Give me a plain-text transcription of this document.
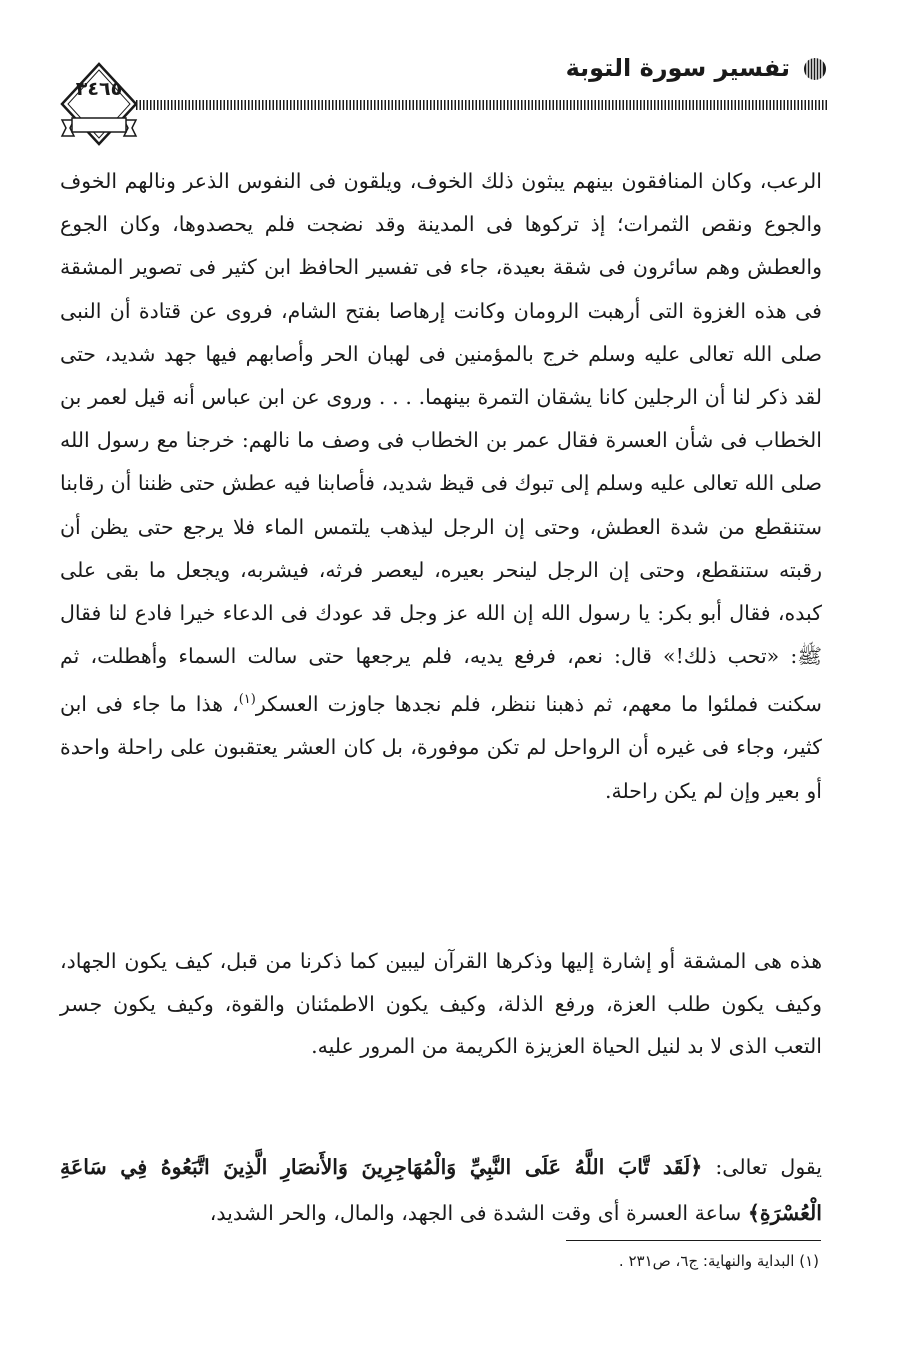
تفسير سورة التوبة
٣٤٦٥

الرعب، وكان المنافقون بينهم يبثون ذلك الخوف، ويلقون فى النفوس الذعر ونالهم الخوف والجوع ونقص الثمرات؛ إذ تركوها فى المدينة وقد نضجت فلم يحصدوها، وكان الجوع والعطش وهم سائرون فى شقة بعيدة، جاء فى تفسير الحافظ ابن كثير فى تصوير المشقة فى هذه الغزوة التى أرهبت الرومان وكانت إرهاصا بفتح الشام، فروى عن قتادة أن النبى صلى الله تعالى عليه وسلم خرج بالمؤمنين فى لهبان الحر وأصابهم فيها جهد شديد، حتى لقد ذكر لنا أن الرجلين كانا يشقان التمرة بينهما. . . . وروى عن ابن عباس أنه قيل لعمر بن الخطاب فى شأن العسرة فقال عمر بن الخطاب فى وصف ما نالهم: خرجنا مع رسول الله صلى الله تعالى عليه وسلم إلى تبوك فى قيظ شديد، فأصابنا فيه عطش حتى ظننا أن رقابنا ستنقطع من شدة العطش، وحتى إن الرجل ليذهب يلتمس الماء فلا يرجع حتى يظن أن رقبته ستنقطع، وحتى إن الرجل لينحر بعيره، ليعصر فرثه، فيشربه، ويجعل ما بقى على كبده، فقال أبو بكر: يا رسول الله إن الله عز وجل قد عودك فى الدعاء خيرا فادع لنا فقال ﷺ: «تحب ذلك!» قال: نعم، فرفع يديه، فلم يرجعها حتى سالت السماء وأهطلت، ثم سكنت فملئوا ما معهم، ثم ذهبنا ننظر، فلم نجدها جاوزت العسكر$^{(١)}$، هذا ما جاء فى ابن كثير، وجاء فى غيره أن الرواحل لم تكن موفورة، بل كان العشر يعتقبون على راحلة واحدة أو بعير وإن لم يكن راحلة.

هذه هى المشقة أو إشارة إليها وذكرها القرآن ليبين كما ذكرنا من قبل، كيف يكون الجهاد، وكيف يكون طلب العزة، ورفع الذلة، وكيف يكون الاطمئنان والقوة، وكيف يكون جسر التعب الذى لا بد لنيل الحياة العزيزة الكريمة من المرور عليه.

يقول تعالى: ﴿لَقَد تَّابَ اللَّهُ عَلَى النَّبِيِّ وَالْمُهَاجِرِينَ وَالأَنصَارِ الَّذِينَ اتَّبَعُوهُ فِي سَاعَةِ الْعُسْرَةِ﴾ ساعة العسرة أى وقت الشدة فى الجهد، والمال، والحر الشديد،

(١) البداية والنهاية: ج٦، ص٢٣١ .
